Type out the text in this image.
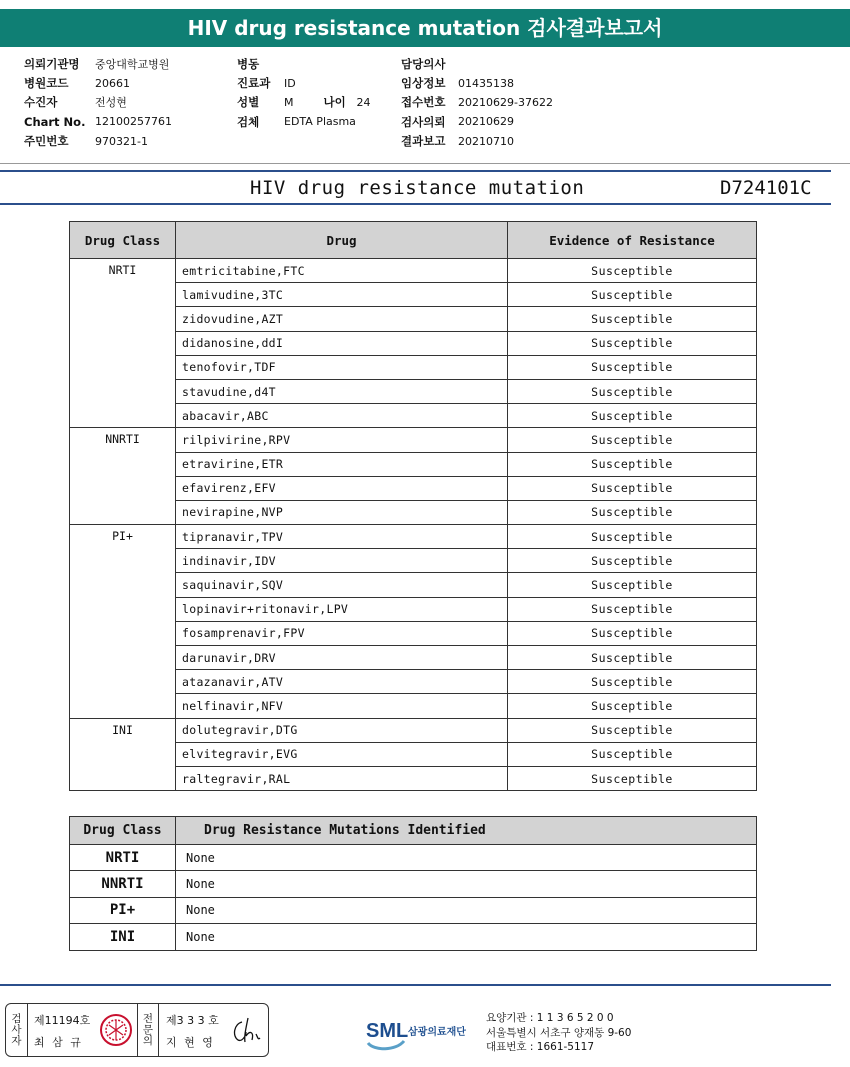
HIV drug resistance mutation 검사결과보고서
의뢰기관명	중앙대학교병원
병원코드	20661
수진자	전성현
Chart No. 12100257761
주민번호	970321-1
병동
진료과	ID
성별	M	나이 24
검체	EDTA Plasma
담당의사
임상정보	01435138
접수번호	20210629-37622
검사의뢰	20210629
결과보고	20210710
HIV drug resistance mutation	D724101C
Drug Class	Drug	Evidence of Resistance
NRTI	emtricitabine,FTC	Susceptible
	lamivudine,3TC	Susceptible
	zidovudine,AZT	Susceptible
	didanosine,ddI	Susceptible
	tenofovir,TDF	Susceptible
	stavudine,d4T	Susceptible
	abacavir,ABC	Susceptible
NNRTI	rilpivirine,RPV	Susceptible
	etravirine,ETR	Susceptible
	efavirenz,EFV	Susceptible
	nevirapine,NVP	Susceptible
PI+	tipranavir,TPV	Susceptible
	indinavir,IDV	Susceptible
	saquinavir,SQV	Susceptible
	lopinavir+ritonavir,LPV	Susceptible
	fosamprenavir,FPV	Susceptible
	darunavir,DRV	Susceptible
	atazanavir,ATV	Susceptible
	nelfinavir,NFV	Susceptible
INI	dolutegravir,DTG	Susceptible
	elvitegravir,EVG	Susceptible
	raltegravir,RAL	Susceptible
Drug Class	Drug Resistance Mutations Identified
NRTI	None
NNRTI	None
PI+	None
INI	None
검
사
자
제11194호
최 삼 규
전
문
의
제3 3 3 호
지 현 영
SML 삼광의료재단
요양기관 : 1 1 3 6 5 2 0 0
서울특별시 서초구 양재동 9-60
대표번호 : 1661-5117
